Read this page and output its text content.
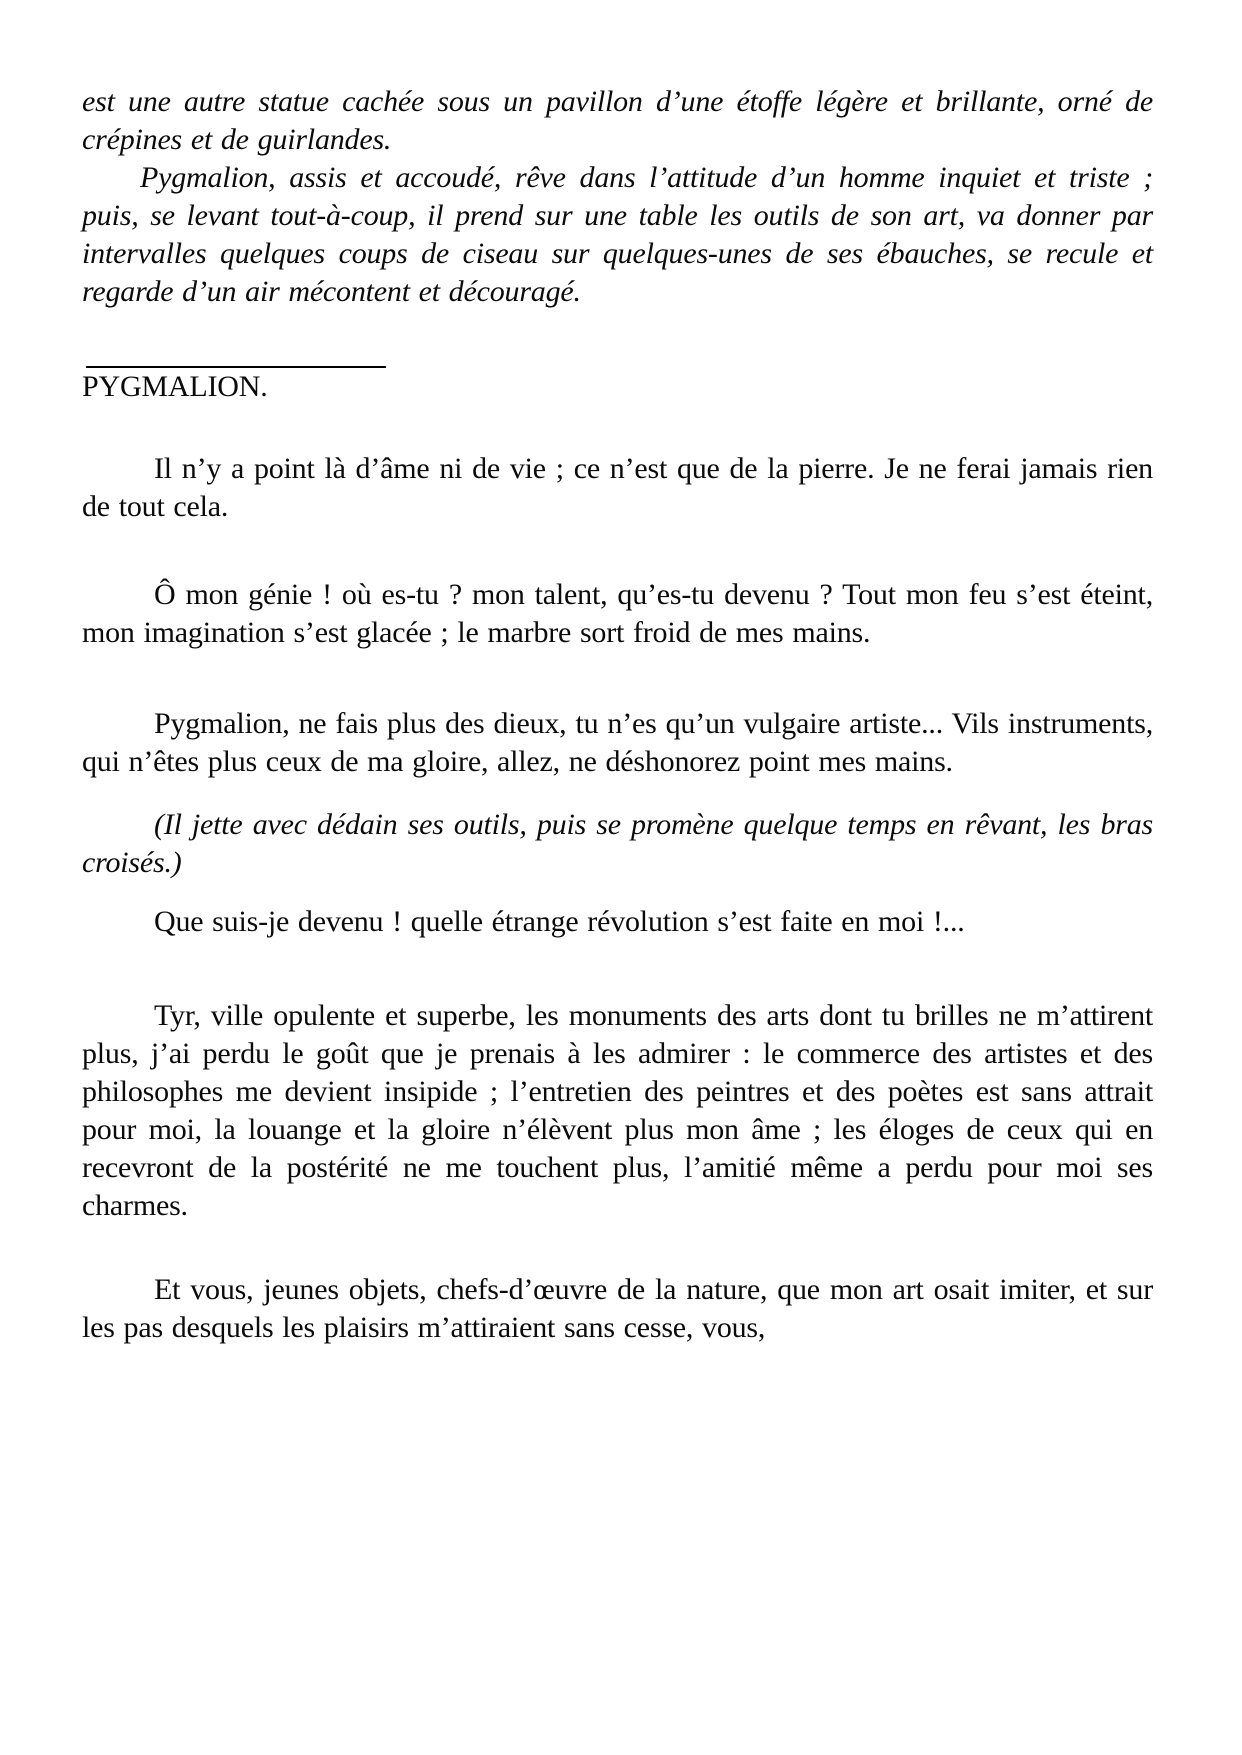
est une autre statue cachée sous un pavillon d’une étoffe légère et brillante, orné de crépines et de guirlandes.

Pygmalion, assis et accoudé, rêve dans l’attitude d’un homme inquiet et triste ; puis, se levant tout-à-coup, il prend sur une table les outils de son art, va donner par intervalles quelques coups de ciseau sur quelques-unes de ses ébauches, se recule et regarde d’un air mécontent et découragé.

PYGMALION.

Il n’y a point là d’âme ni de vie ; ce n’est que de la pierre. Je ne ferai jamais rien de tout cela.

Ô mon génie ! où es-tu ? mon talent, qu’es-tu devenu ? Tout mon feu s’est éteint, mon imagination s’est glacée ; le marbre sort froid de mes mains.

Pygmalion, ne fais plus des dieux, tu n’es qu’un vulgaire artiste... Vils instruments, qui n’êtes plus ceux de ma gloire, allez, ne déshonorez point mes mains.

(Il jette avec dédain ses outils, puis se promène quelque temps en rêvant, les bras croisés.)

Que suis-je devenu ! quelle étrange révolution s’est faite en moi !...

Tyr, ville opulente et superbe, les monuments des arts dont tu brilles ne m’attirent plus, j’ai perdu le goût que je prenais à les admirer : le commerce des artistes et des philosophes me devient insipide ; l’entretien des peintres et des poètes est sans attrait pour moi, la louange et la gloire n’élèvent plus mon âme ; les éloges de ceux qui en recevront de la postérité ne me touchent plus, l’amitié même a perdu pour moi ses charmes.

Et vous, jeunes objets, chefs-d’œuvre de la nature, que mon art osait imiter, et sur les pas desquels les plaisirs m’attiraient sans cesse, vous,
